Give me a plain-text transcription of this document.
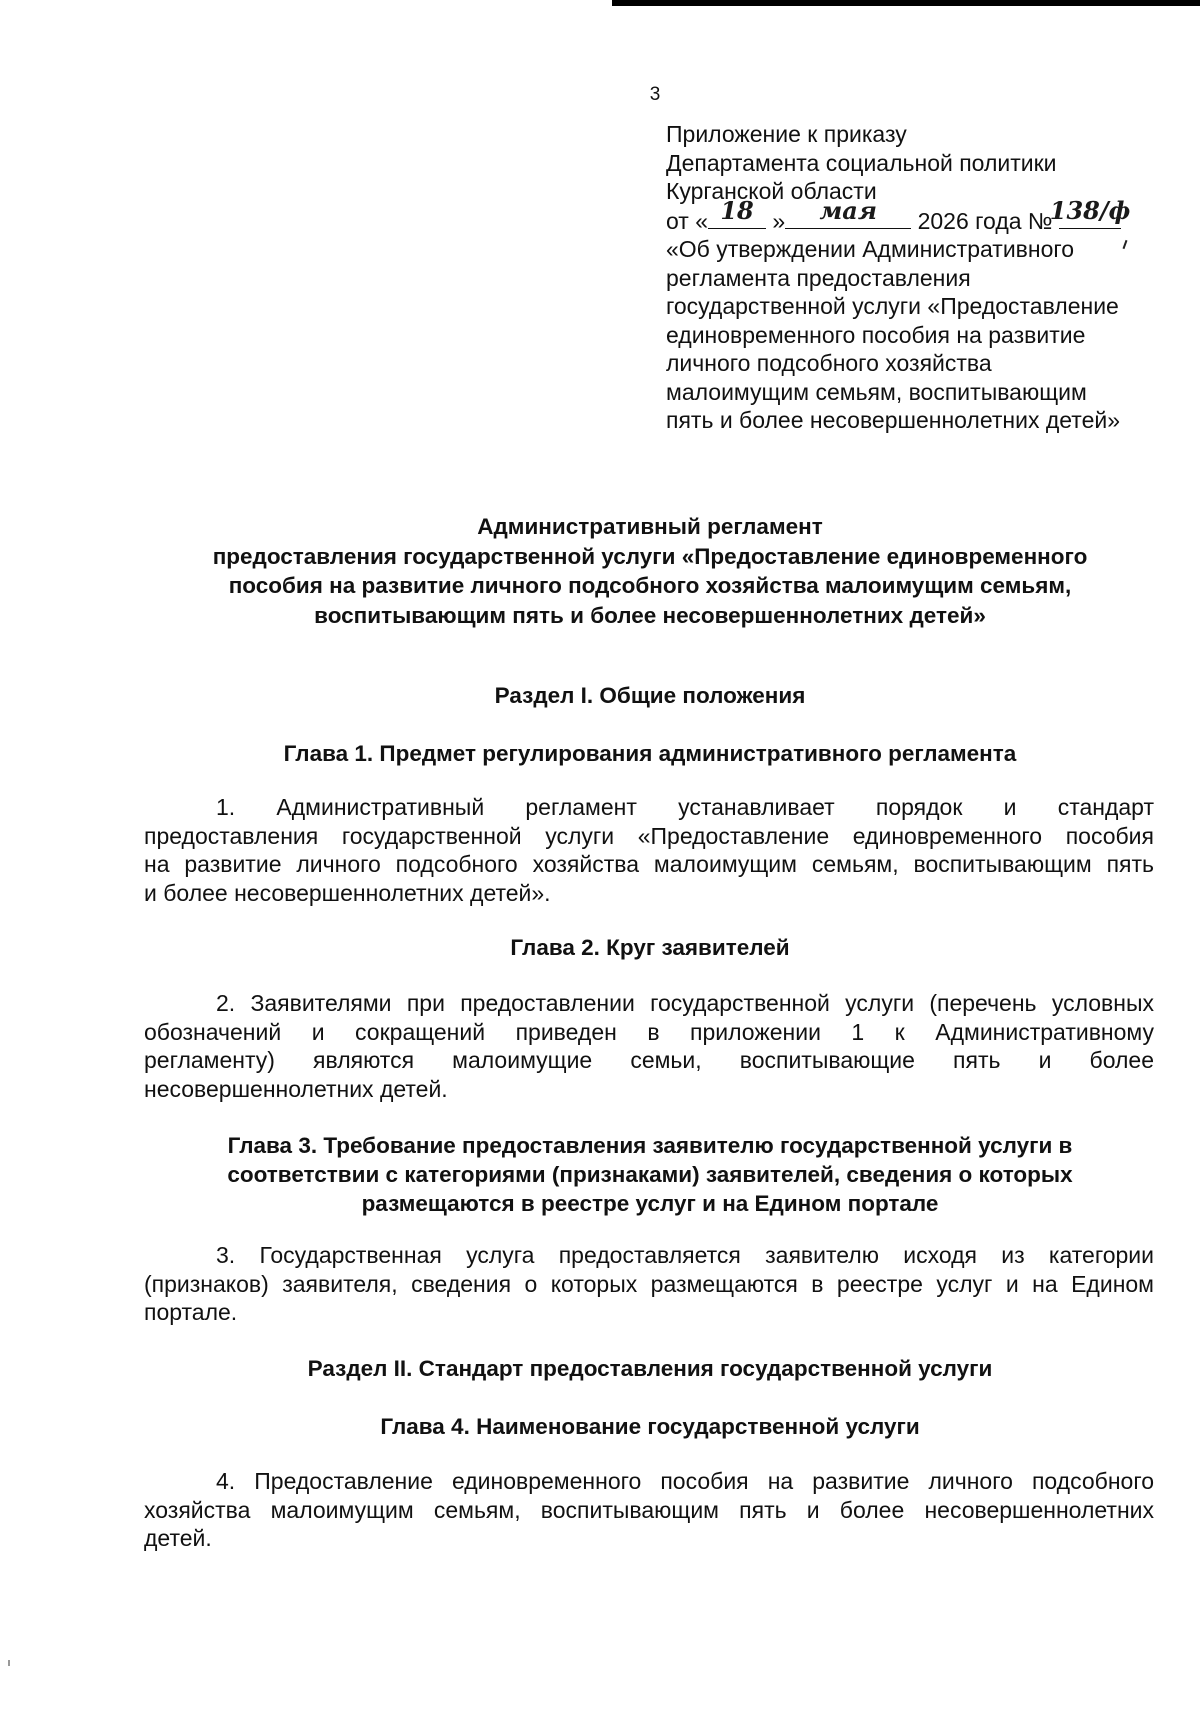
3
Приложение к приказу
Департамента социальной политики
Курганской области
от « 18 » мая 2026 года №
138/ф
«Об утверждении Административного
регламента предоставления
государственной услуги «Предоставление
единовременного пособия на развитие
личного подсобного хозяйства
малоимущим семьям, воспитывающим
пять и более несовершеннолетних детей»
Административный регламент
предоставления государственной услуги «Предоставление единовременного
пособия на развитие личного подсобного хозяйства малоимущим семьям,
воспитывающим пять и более несовершеннолетних детей»
Раздел I. Общие положения
Глава 1. Предмет регулирования административного регламента
1. Административный регламент устанавливает порядок и стандарт
предоставления государственной услуги «Предоставление единовременного пособия
на развитие личного подсобного хозяйства малоимущим семьям, воспитывающим пять
и более несовершеннолетних детей».
Глава 2. Круг заявителей
2. Заявителями при предоставлении государственной услуги (перечень условных
обозначений и сокращений приведен в приложении 1 к Административному
регламенту) являются малоимущие семьи, воспитывающие пять и более
несовершеннолетних детей.
Глава 3. Требование предоставления заявителю государственной услуги в
соответствии с категориями (признаками) заявителей, сведения о которых
размещаются в реестре услуг и на Едином портале
3. Государственная услуга предоставляется заявителю исходя из категории
(признаков) заявителя, сведения о которых размещаются в реестре услуг и на Едином
портале.
Раздел II. Стандарт предоставления государственной услуги
Глава 4. Наименование государственной услуги
4. Предоставление единовременного пособия на развитие личного подсобного
хозяйства малоимущим семьям, воспитывающим пять и более несовершеннолетних
детей.
